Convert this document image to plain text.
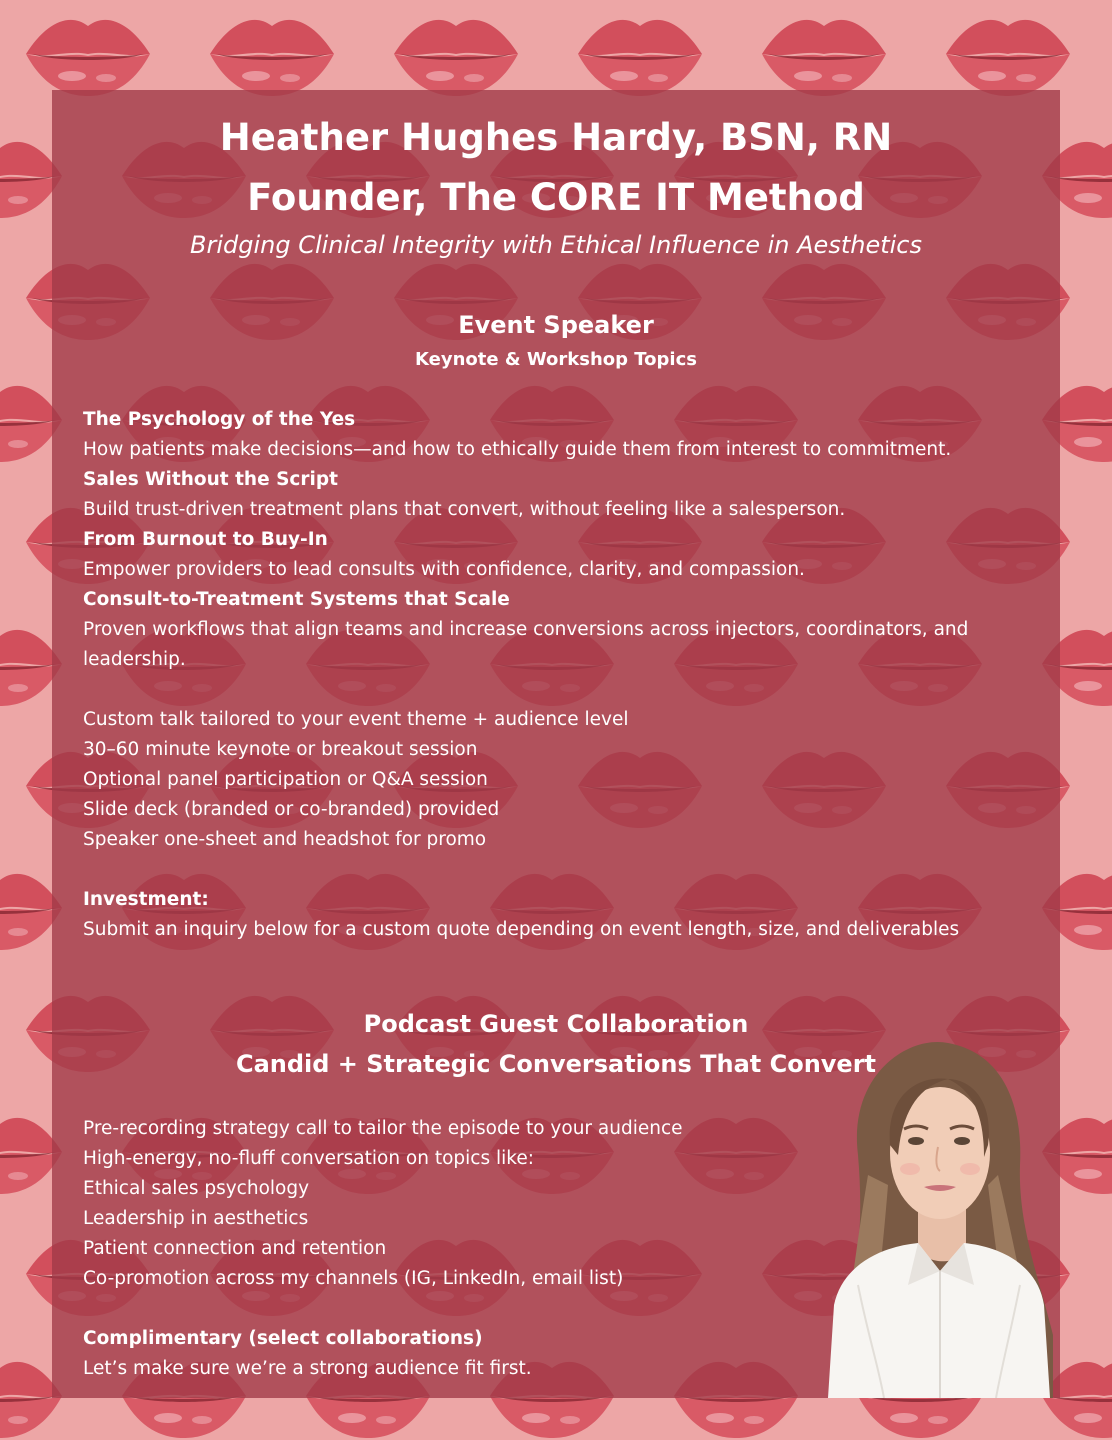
Heather Hughes Hardy, BSN, RN
Founder, The CORE IT Method
Bridging Clinical Integrity with Ethical Influence in Aesthetics
Event Speaker
Keynote & Workshop Topics
The Psychology of the Yes
How patients make decisions—and how to ethically guide them from interest to commitment.
Sales Without the Script
Build trust-driven treatment plans that convert, without feeling like a salesperson.
From Burnout to Buy-In
Empower providers to lead consults with confidence, clarity, and compassion.
Consult-to-Treatment Systems that Scale
Proven workflows that align teams and increase conversions across injectors, coordinators, and leadership.
Custom talk tailored to your event theme + audience level
30–60 minute keynote or breakout session
Optional panel participation or Q&A session
Slide deck (branded or co-branded) provided
Speaker one-sheet and headshot for promo
Investment:
Submit an inquiry below for a custom quote depending on event length, size, and deliverables
Podcast Guest Collaboration
Candid + Strategic Conversations That Convert
Pre-recording strategy call to tailor the episode to your audience
High-energy, no-fluff conversation on topics like:
Ethical sales psychology
Leadership in aesthetics
Patient connection and retention
Co-promotion across my channels (IG, LinkedIn, email list)
Complimentary (select collaborations)
Let’s make sure we’re a strong audience fit first.
